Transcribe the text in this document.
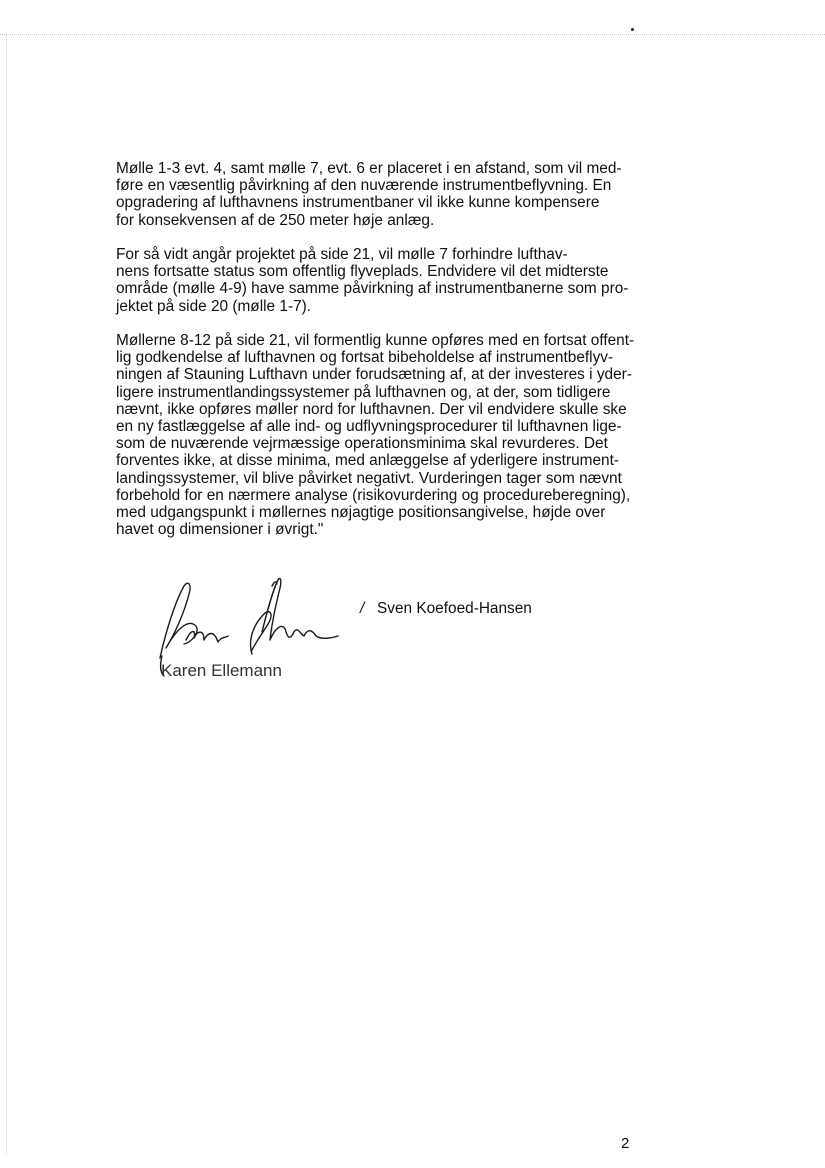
Mølle 1-3 evt. 4, samt mølle 7, evt. 6 er placeret i en afstand, som vil med-
føre en væsentlig påvirkning af den nuværende instrumentbeflyvning. En
opgradering af lufthavnens instrumentbaner vil ikke kunne kompensere
for konsekvensen af de 250 meter høje anlæg.

For så vidt angår projektet på side 21, vil mølle 7 forhindre lufthav-
nens fortsatte status som offentlig flyveplads. Endvidere vil det midterste
område (mølle 4-9) have samme påvirkning af instrumentbanerne som pro-
jektet på side 20 (mølle 1-7).

Møllerne 8-12 på side 21, vil formentlig kunne opføres med en fortsat offent-
lig godkendelse af lufthavnen og fortsat bibeholdelse af instrumentbeflyv-
ningen af Stauning Lufthavn under forudsætning af, at der investeres i yder-
ligere instrumentlandingssystemer på lufthavnen og, at der, som tidligere
nævnt, ikke opføres møller nord for lufthavnen. Der vil endvidere skulle ske
en ny fastlæggelse af alle ind- og udflyvningsprocedurer til lufthavnen lige-
som de nuværende vejrmæssige operationsminima skal revurderes. Det
forventes ikke, at disse minima, med anlæggelse af yderligere instrument-
landingssystemer, vil blive påvirket negativt. Vurderingen tager som nævnt
forbehold for en nærmere analyse (risikovurdering og procedureberegning),
med udgangspunkt i møllernes nøjagtige positionsangivelse, højde over
havet og dimensioner i øvrigt."

Karen Ellemann
/ Sven Koefoed-Hansen
2
